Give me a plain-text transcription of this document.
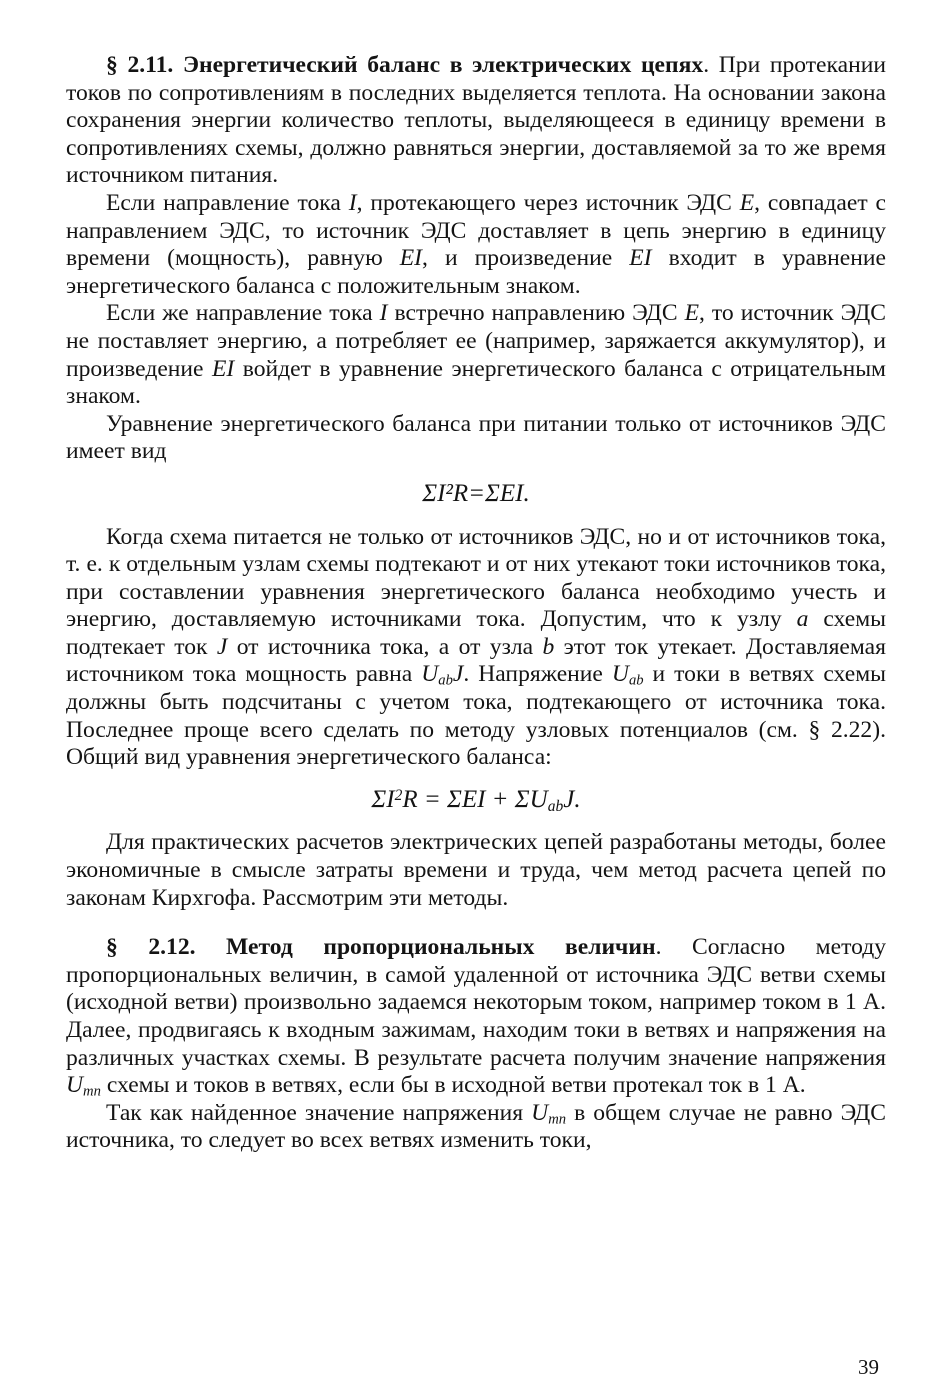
§ 2.11. Энергетический баланс в электрических цепях. При протекании токов по сопротивлениям в последних выделяется теплота. На основании закона сохранения энергии количество теплоты, выделяющееся в единицу времени в сопротивлениях схемы, должно равняться энергии, доставляемой за то же время источником питания.

Если направление тока I, протекающего через источник ЭДС E, совпадает с направлением ЭДС, то источник ЭДС доставляет в цепь энергию в единицу времени (мощность), равную EI, и произведение EI входит в уравнение энергетического баланса с положительным знаком.

Если же направление тока I встречно направлению ЭДС E, то источник ЭДС не поставляет энергию, а потребляет ее (например, заряжается аккумулятор), и произведение EI войдет в уравнение энергетического баланса с отрицательным знаком.

Уравнение энергетического баланса при питании только от источников ЭДС имеет вид

ΣI²R=ΣEI.

Когда схема питается не только от источников ЭДС, но и от источников тока, т. е. к отдельным узлам схемы подтекают и от них утекают токи источников тока, при составлении уравнения энергетического баланса необходимо учесть и энергию, доставляемую источниками тока. Допустим, что к узлу a схемы подтекает ток J от источника тока, а от узла b этот ток утекает. Доставляемая источником тока мощность равна $U_{ab}J$. Напряжение $U_{ab}$ и токи в ветвях схемы должны быть подсчитаны с учетом тока, подтекающего от источника тока. Последнее проще всего сделать по методу узловых потенциалов (см. § 2.22). Общий вид уравнения энергетического баланса:

$\Sigma I^2R = \Sigma EI + \Sigma U_{ab}J$.

Для практических расчетов электрических цепей разработаны методы, более экономичные в смысле затраты времени и труда, чем метод расчета цепей по законам Кирхгофа. Рассмотрим эти методы.

§ 2.12. Метод пропорциональных величин. Согласно методу пропорциональных величин, в самой удаленной от источника ЭДС ветви схемы (исходной ветви) произвольно задаемся некоторым током, например током в 1 А. Далее, продвигаясь к входным зажимам, находим токи в ветвях и напряжения на различных участках схемы. В результате расчета получим значение напряжения $U_{mn}$ схемы и токов в ветвях, если бы в исходной ветви протекал ток в 1 А.

Так как найденное значение напряжения $U_{mn}$ в общем случае не равно ЭДС источника, то следует во всех ветвях изменить токи,

39
